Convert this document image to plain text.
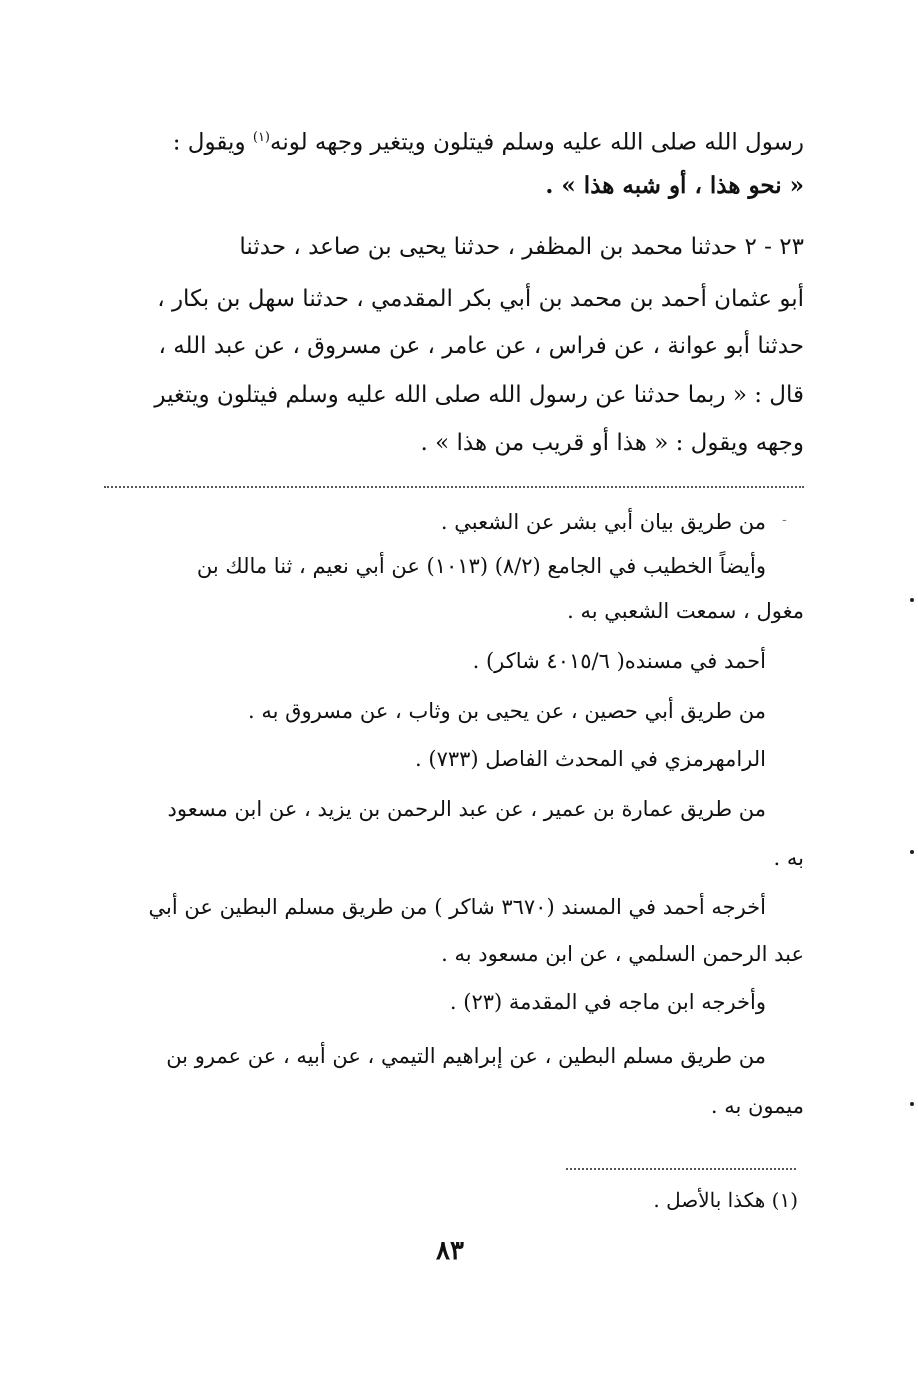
رسول الله صلى الله عليه وسلم فيتلون ويتغير وجهه لونه$^{(١)}$ ويقول :
« نحو هذا ، أو شبه هذا » .
٢٣ - ٢ حدثنا محمد بن المظفر ، حدثنا يحيى بن صاعد ، حدثنا
أبو عثمان أحمد بن محمد بن أبي بكر المقدمي ، حدثنا سهل بن بكار ،
حدثنا أبو عوانة ، عن فراس ، عن عامر ، عن مسروق ، عن عبد الله ،
قال : « ربما حدثنا عن رسول الله صلى الله عليه وسلم فيتلون ويتغير
وجهه ويقول : « هذا أو قريب من هذا » .
-
من طريق بيان أبي بشر عن الشعبي .
وأيضاً الخطيب في الجامع (٨/٢) (١٠١٣) عن أبي نعيم ، ثنا مالك بن
مغول ، سمعت الشعبي به .
أحمد في مسنده( ٤٠١٥/٦ شاكر) .
من طريق أبي حصين ، عن يحيى بن وثاب ، عن مسروق به .
الرامهرمزي في المحدث الفاصل (٧٣٣) .
من طريق عمارة بن عمير ، عن عبد الرحمن بن يزيد ، عن ابن مسعود
به .
أخرجه أحمد في المسند (٣٦٧٠ شاكر ) من طريق مسلم البطين عن أبي
عبد الرحمن السلمي ، عن ابن مسعود به .
وأخرجه ابن ماجه في المقدمة (٢٣) .
من طريق مسلم البطين ، عن إبراهيم التيمي ، عن أبيه ، عن عمرو بن
ميمون به .
(١) هكذا بالأصل .
٨٣
